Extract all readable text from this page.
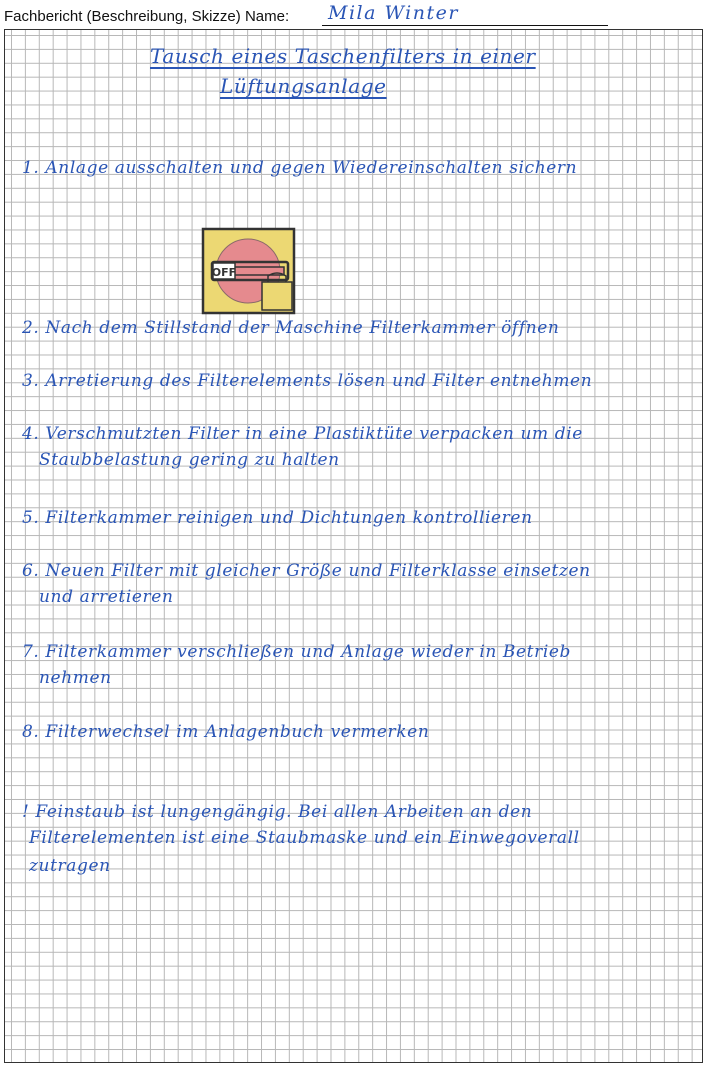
Fachbericht (Beschreibung, Skizze) Name: Mila Winter
Tausch eines Taschenfilters in einer
Lüftungsanlage
1. Anlage ausschalten und gegen Wiedereinschalten sichern
OFF
2. Nach dem Stillstand der Maschine Filterkammer öffnen
3. Arretierung des Filterelements lösen und Filter entnehmen
4. Verschmutzten Filter in eine Plastiktüte verpacken um die
Staubbelastung gering zu halten
5. Filterkammer reinigen und Dichtungen kontrollieren
6. Neuen Filter mit gleicher Größe und Filterklasse einsetzen
und arretieren
7. Filterkammer verschließen und Anlage wieder in Betrieb
nehmen
8. Filterwechsel im Anlagenbuch vermerken
! Feinstaub ist lungengängig. Bei allen Arbeiten an den
Filterelementen ist eine Staubmaske und ein Einwegoverall
zutragen
